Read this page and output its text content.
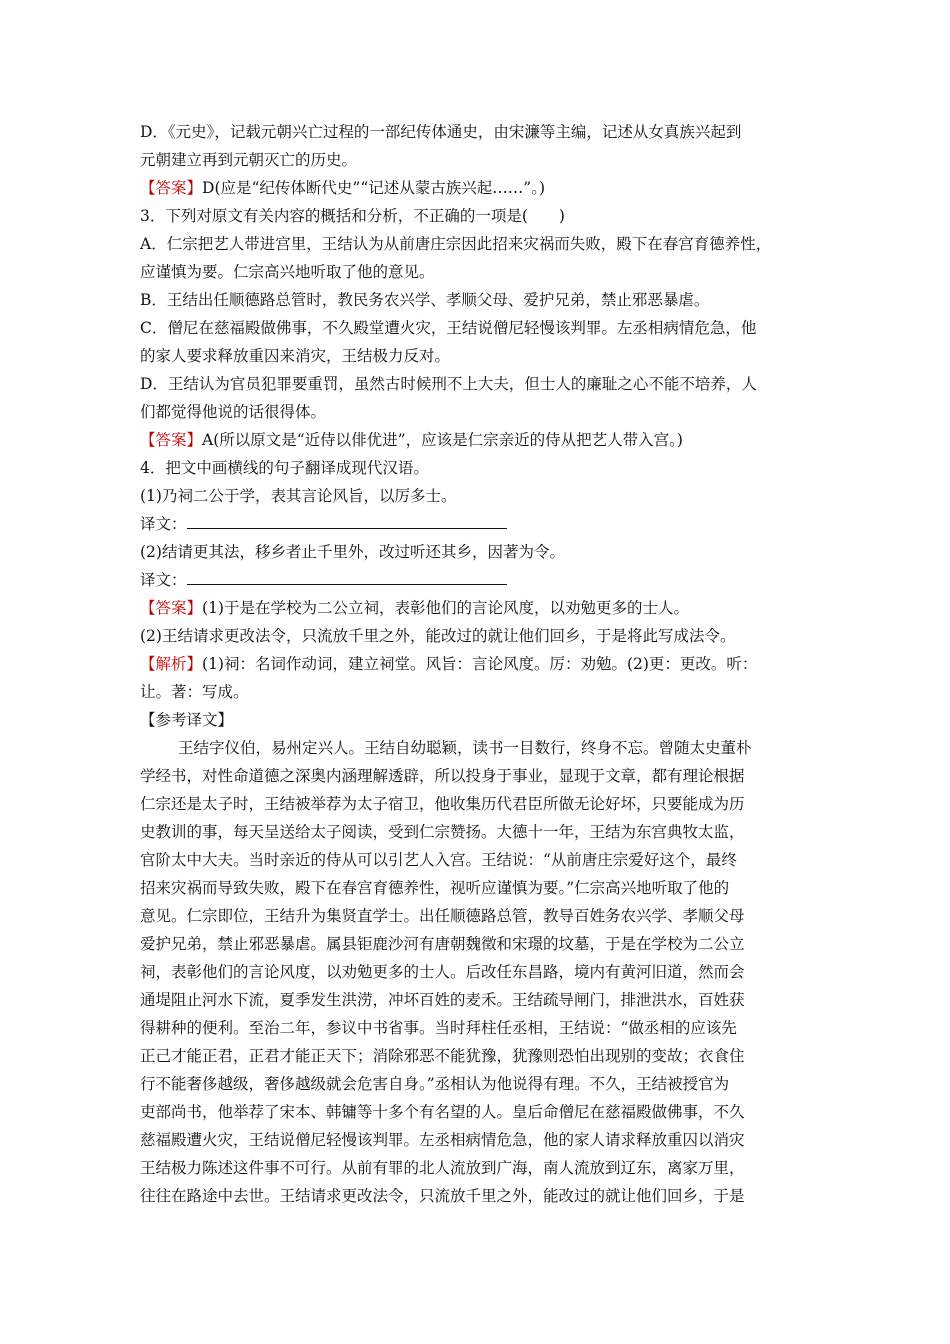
D．《元史》，记载元朝兴亡过程的一部纪传体通史，由宋濂等主编，记述从女真族兴起到
元朝建立再到元朝灭亡的历史。
【答案】D(应是“纪传体断代史”“记述从蒙古族兴起……”。)
3．下列对原文有关内容的概括和分析，不正确的一项是(　　)
A．仁宗把艺人带进宫里，王结认为从前唐庄宗因此招来灾祸而失败，殿下在春宫育德养性，
应谨慎为要。仁宗高兴地听取了他的意见。
B．王结出任顺德路总管时，教民务农兴学、孝顺父母、爱护兄弟，禁止邪恶暴虐。
C．僧尼在慈福殿做佛事，不久殿堂遭火灾，王结说僧尼轻慢该判罪。左丞相病情危急，他
的家人要求释放重囚来消灾，王结极力反对。
D．王结认为官员犯罪要重罚，虽然古时候刑不上大夫，但士人的廉耻之心不能不培养，人
们都觉得他说的话很得体。
【答案】A(所以原文是“近侍以俳优进”，应该是仁宗亲近的侍从把艺人带入宫。)
4．把文中画横线的句子翻译成现代汉语。
(1)乃祠二公于学，表其言论风旨，以厉多士。
译文：
(2)结请更其法，移乡者止千里外，改过听还其乡，因著为令。
译文：
【答案】(1)于是在学校为二公立祠，表彰他们的言论风度，以劝勉更多的士人。
(2)王结请求更改法令，只流放千里之外，能改过的就让他们回乡，于是将此写成法令。
【解析】(1)祠：名词作动词，建立祠堂。风旨：言论风度。厉：劝勉。(2)更：更改。听：
让。著：写成。
【参考译文】
王结字仪伯，易州定兴人。王结自幼聪颖，读书一目数行，终身不忘。曾随太史董朴
学经书，对性命道德之深奥内涵理解透辟，所以投身于事业，显现于文章，都有理论根据
仁宗还是太子时，王结被举荐为太子宿卫，他收集历代君臣所做无论好坏，只要能成为历
史教训的事，每天呈送给太子阅读，受到仁宗赞扬。大德十一年，王结为东宫典牧太监，
官阶太中大夫。当时亲近的侍从可以引艺人入宫。王结说：“从前唐庄宗爱好这个，最终
招来灾祸而导致失败，殿下在春宫育德养性，视听应谨慎为要。”仁宗高兴地听取了他的
意见。仁宗即位，王结升为集贤直学士。出任顺德路总管，教导百姓务农兴学、孝顺父母
爱护兄弟，禁止邪恶暴虐。属县钜鹿沙河有唐朝魏徵和宋璟的坟墓，于是在学校为二公立
祠，表彰他们的言论风度，以劝勉更多的士人。后改任东昌路，境内有黄河旧道，然而会
通堤阻止河水下流，夏季发生洪涝，冲坏百姓的麦禾。王结疏导闸门，排泄洪水，百姓获
得耕种的便利。至治二年，参议中书省事。当时拜柱任丞相，王结说：“做丞相的应该先
正己才能正君，正君才能正天下；消除邪恶不能犹豫，犹豫则恐怕出现别的变故；衣食住
行不能奢侈越级，奢侈越级就会危害自身。”丞相认为他说得有理。不久，王结被授官为
吏部尚书，他举荐了宋本、韩镛等十多个有名望的人。皇后命僧尼在慈福殿做佛事，不久
慈福殿遭火灾，王结说僧尼轻慢该判罪。左丞相病情危急，他的家人请求释放重囚以消灾
王结极力陈述这件事不可行。从前有罪的北人流放到广海，南人流放到辽东，离家万里，
往往在路途中去世。王结请求更改法令，只流放千里之外，能改过的就让他们回乡，于是
